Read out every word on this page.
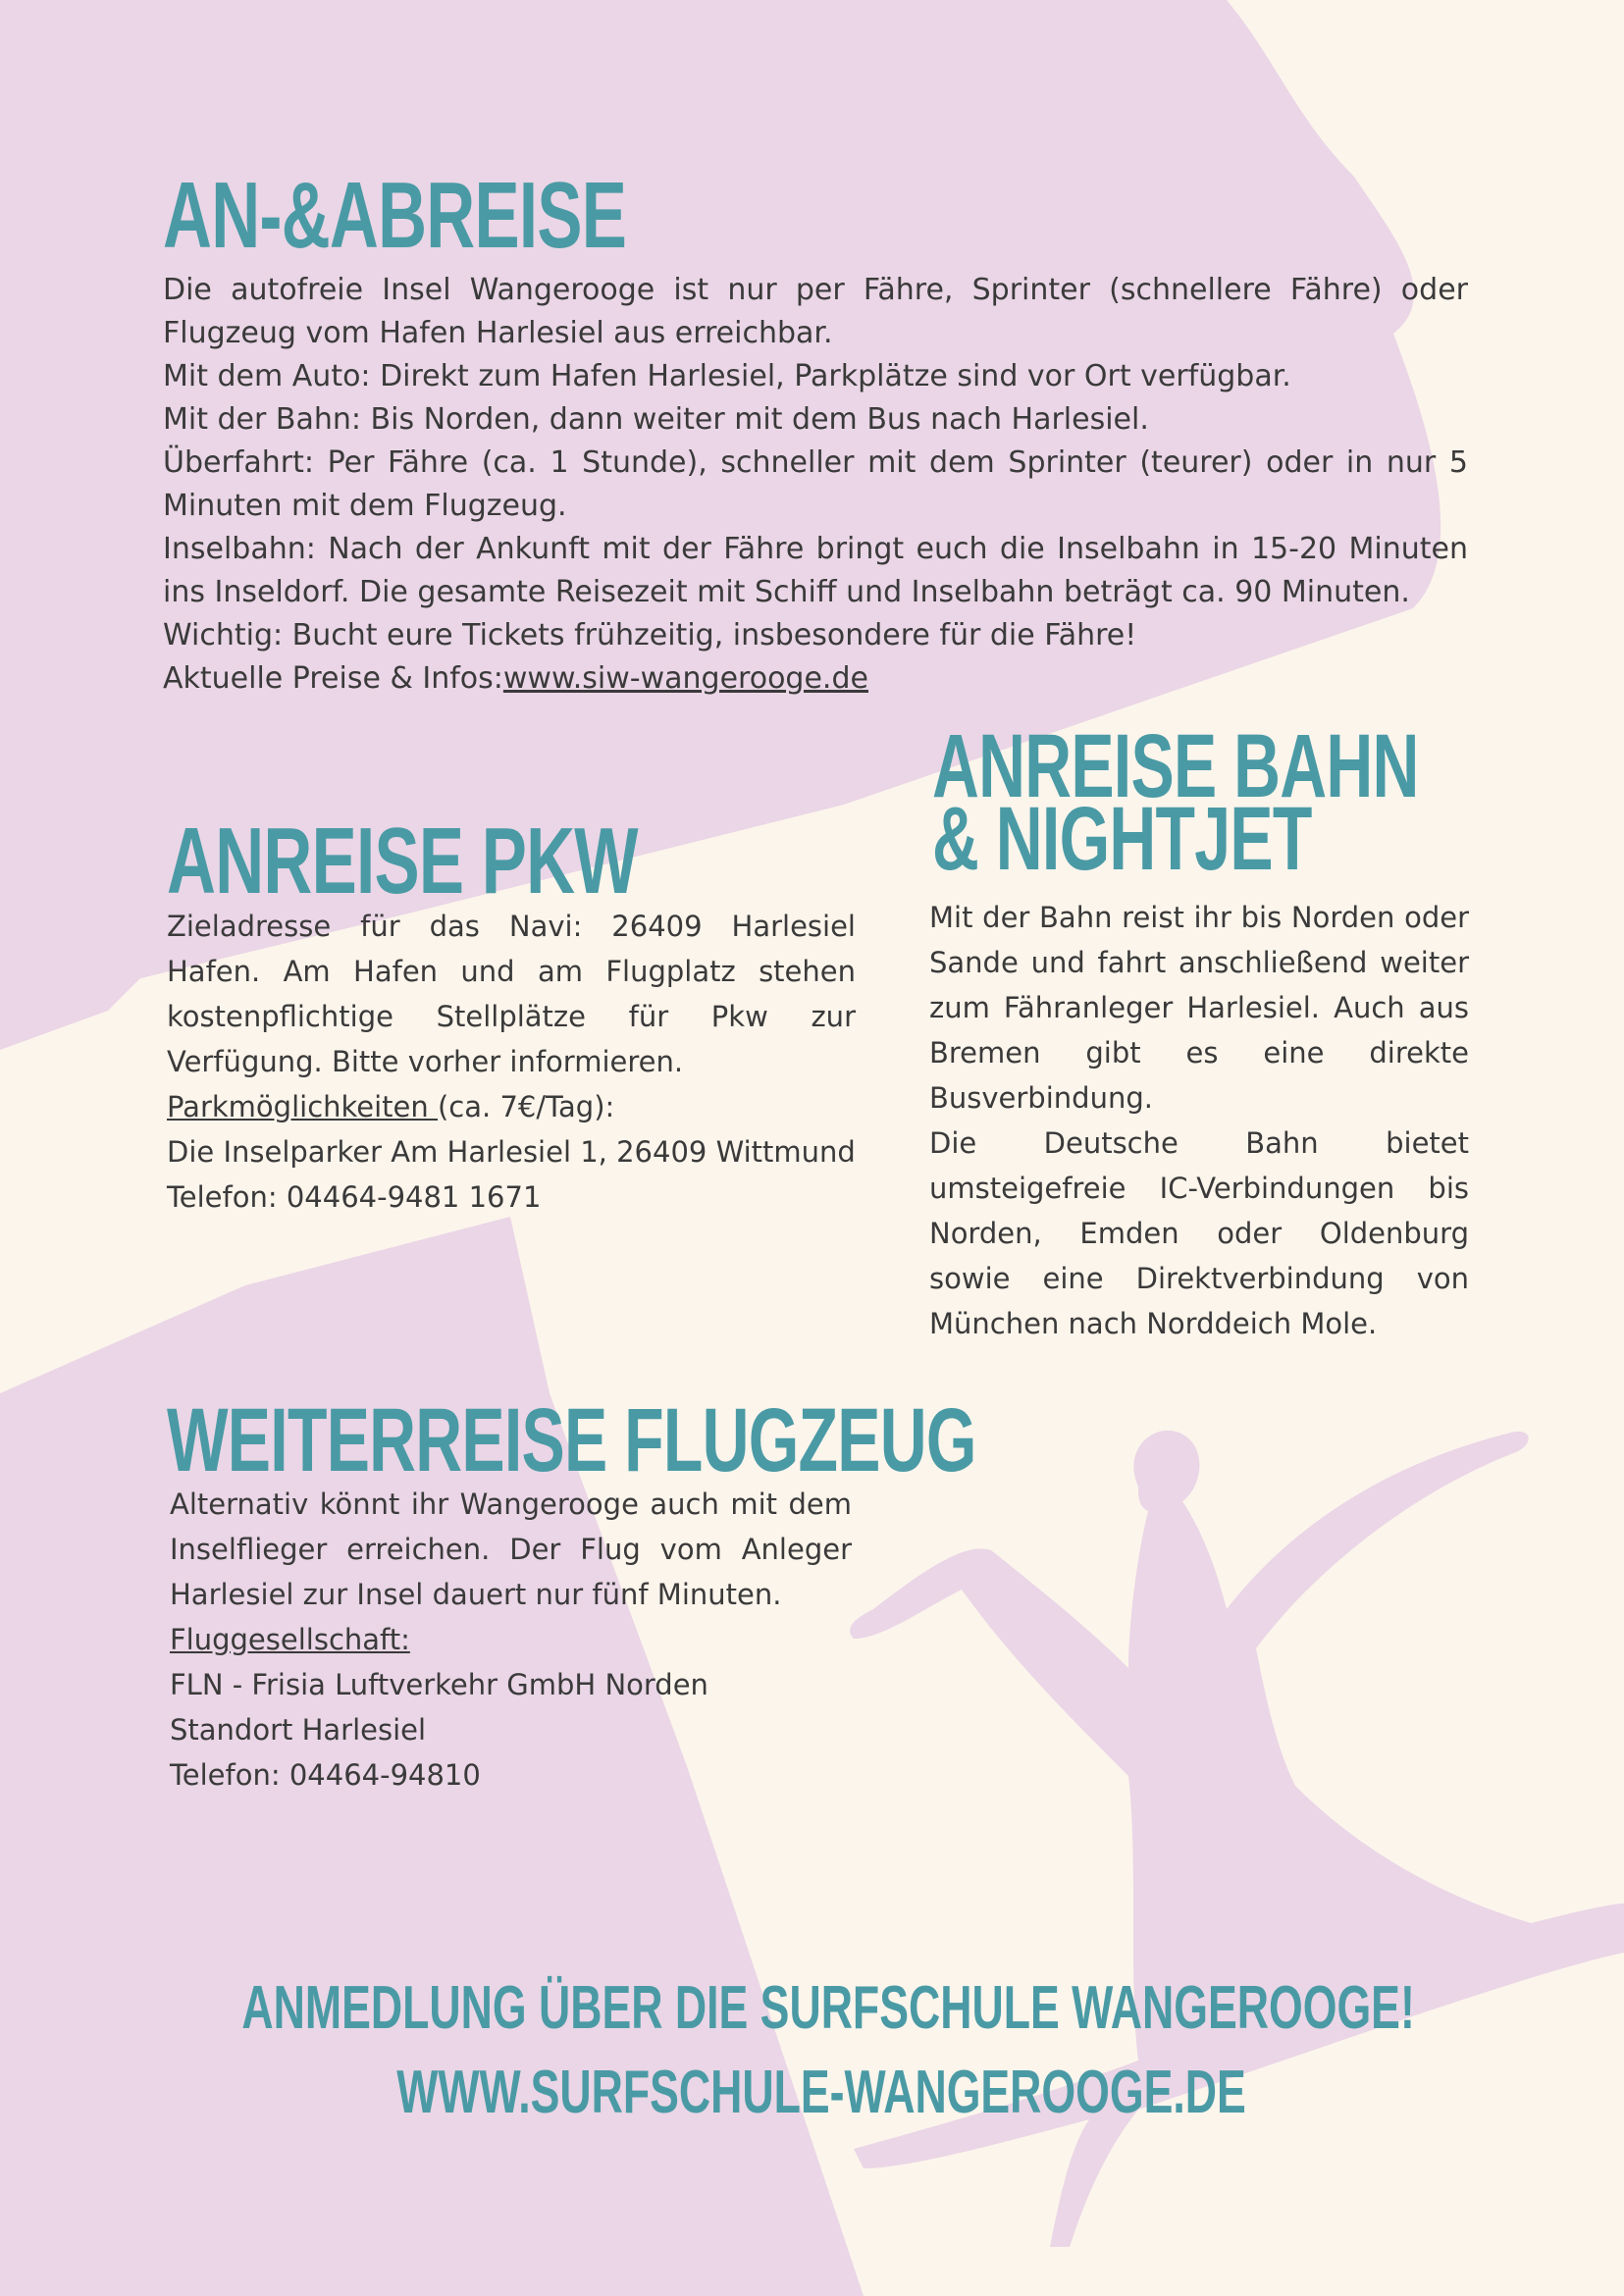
AN-&ABREISE

Die autofreie Insel Wangerooge ist nur per Fähre, Sprinter (schnellere Fähre) oder Flugzeug vom Hafen Harlesiel aus erreichbar.

Mit dem Auto: Direkt zum Hafen Harlesiel, Parkplätze sind vor Ort verfügbar.

Mit der Bahn: Bis Norden, dann weiter mit dem Bus nach Harlesiel.

Überfahrt: Per Fähre (ca. 1 Stunde), schneller mit dem Sprinter (teurer) oder in nur 5 Minuten mit dem Flugzeug.

Inselbahn: Nach der Ankunft mit der Fähre bringt euch die Inselbahn in 15-20 Minuten ins Inseldorf. Die gesamte Reisezeit mit Schiff und Inselbahn beträgt ca. 90 Minuten.

Wichtig: Bucht eure Tickets frühzeitig, insbesondere für die Fähre!

Aktuelle Preise & Infos:www.siw-wangerooge.de

ANREISE PKW

Zieladresse für das Navi: 26409 Harlesiel Hafen. Am Hafen und am Flugplatz stehen kostenpflichtige Stellplätze für Pkw zur Verfügung. Bitte vorher informieren.

Parkmöglichkeiten (ca. 7€/Tag):

Die Inselparker Am Harlesiel 1, 26409 Wittmund

Telefon: 04464-9481 1671

ANREISE BAHN
& NIGHTJET

Mit der Bahn reist ihr bis Norden oder Sande und fahrt anschließend weiter zum Fähranleger Harlesiel. Auch aus Bremen gibt es eine direkte Busverbindung.

Die Deutsche Bahn bietet umsteigefreie IC-Verbindungen bis Norden, Emden oder Oldenburg sowie eine Direktverbindung von München nach Norddeich Mole.

WEITERREISE FLUGZEUG

Alternativ könnt ihr Wangerooge auch mit dem Inselflieger erreichen. Der Flug vom Anleger Harlesiel zur Insel dauert nur fünf Minuten.

Fluggesellschaft:

FLN - Frisia Luftverkehr GmbH Norden

Standort Harlesiel

Telefon: 04464-94810

ANMEDLUNG ÜBER DIE SURFSCHULE WANGEROOGE!
WWW.SURFSCHULE-WANGEROOGE.DE
